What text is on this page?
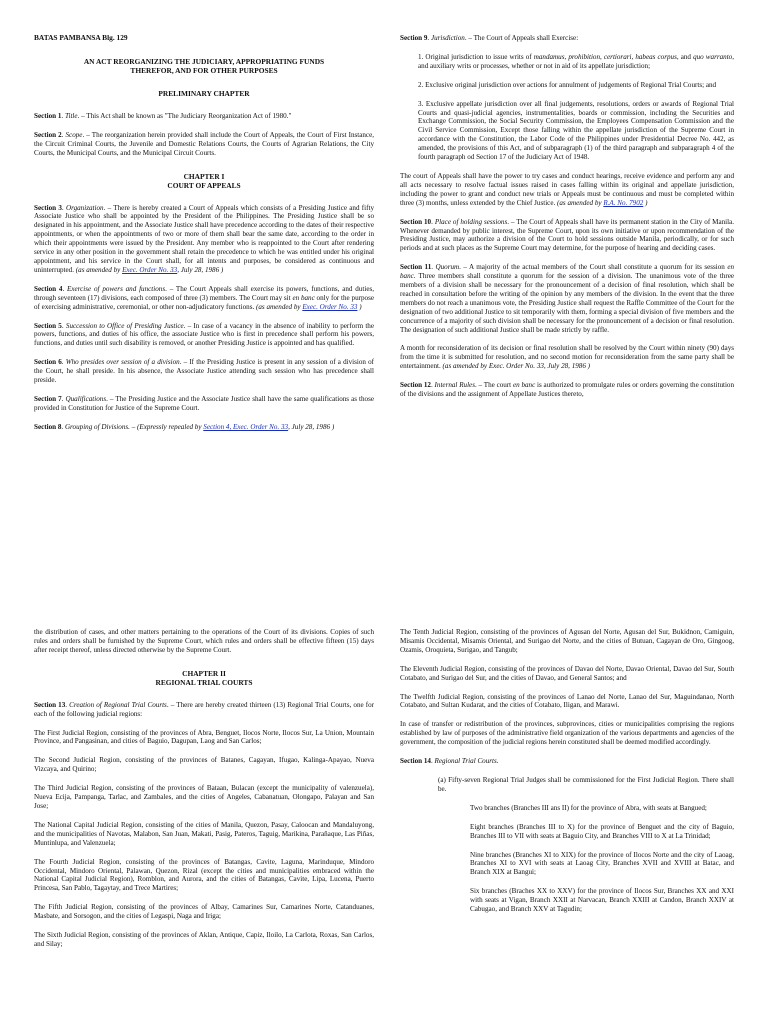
BATAS PAMBANSA Blg. 129

AN ACT REORGANIZING THE JUDICIARY, APPROPRIATING FUNDS
THEREFOR, AND FOR OTHER PURPOSES

PRELIMINARY CHAPTER

Section 1. Title. – This Act shall be known as "The Judiciary Reorganization Act of 1980."

Section 2. Scope. – The reorganization herein provided shall include the Court of Appeals, the Court of First Instance, the Circuit Criminal Courts, the Juvenile and Domestic Relations Courts, the Courts of Agrarian Relations, the City Courts, the Municipal Courts, and the Municipal Circuit Courts.

CHAPTER I
COURT OF APPEALS

Section 3. Organization. – There is hereby created a Court of Appeals which consists of a Presiding Justice and fifty Associate Justice who shall be appointed by the President of the Philippines. The Presiding Justice shall be so designated in his appointment, and the Associate Justice shall have precedence according to the dates of their respective appointments, or when the appointments of two or more of them shall bear the same date, according to the order in which their appointments were issued by the President. Any member who is reappointed to the Court after rendering service in any other position in the government shall retain the precedence to which he was entitled under his original appointment, and his service in the Court shall, for all intents and purposes, be considered as continuous and uninterrupted. (as amended by Exec. Order No. 33, July 28, 1986 )

Section 4. Exercise of powers and functions. – The Court Appeals shall exercise its powers, functions, and duties, through seventeen (17) divisions, each composed of three (3) members. The Court may sit en banc only for the purpose of exercising administrative, ceremonial, or other non-adjudicatory functions. (as amended by Exec. Order No. 33 )

Section 5. Succession to Office of Presiding Justice. – In case of a vacancy in the absence of inability to perform the powers, functions, and duties of his office, the associate Justice who is first in precedence shall perform his powers, functions, and duties until such disability is removed, or another Presiding Justice is appointed and has qualified.

Section 6. Who presides over session of a division. – If the Presiding Justice is present in any session of a division of the Court, he shall preside. In his absence, the Associate Justice attending such session who has precedence shall preside.

Section 7. Qualifications. – The Presiding Justice and the Associate Justice shall have the same qualifications as those provided in Constitution for Justice of the Supreme Court.

Section 8. Grouping of Divisions. – (Expressly repealed by Section 4, Exec. Order No. 33, July 28, 1986 )

Section 9. Jurisdiction. – The Court of Appeals shall Exercise:

1. Original jurisdiction to issue writs of mandamus, prohibition, certiorari, habeas corpus, and quo warranto, and auxiliary writs or processes, whether or not in aid of its appellate jurisdiction;

2. Exclusive original jurisdiction over actions for annulment of judgements of Regional Trial Courts; and

3. Exclusive appellate jurisdiction over all final judgements, resolutions, orders or awards of Regional Trial Courts and quasi-judicial agencies, instrumentalities, boards or commission, including the Securities and Exchange Commission, the Social Security Commission, the Employees Compensation Commission and the Civil Service Commission, Except those falling within the appellate jurisdiction of the Supreme Court in accordance with the Constitution, the Labor Code of the Philippines under Presidential Decree No. 442, as amended, the provisions of this Act, and of subparagraph (1) of the third paragraph and subparagraph 4 of the fourth paragraph od Section 17 of the Judiciary Act of 1948.

The court of Appeals shall have the power to try cases and conduct hearings, receive evidence and perform any and all acts necessary to resolve factual issues raised in cases falling within its original and appellate jurisdiction, including the power to grant and conduct new trials or Appeals must be continuous and must be completed within three (3) months, unless extended by the Chief Justice. (as amended by R.A. No. 7902 )

Section 10. Place of holding sessions. – The Court of Appeals shall have its permanent station in the City of Manila. Whenever demanded by public interest, the Supreme Court, upon its own initiative or upon recommendation of the Presiding Justice, may authorize a division of the Court to hold sessions outside Manila, periodically, or for such periods and at such places as the Supreme Court may determine, for the purpose of hearing and deciding cases.

Section 11. Quorum. – A majority of the actual members of the Court shall constitute a quorum for its session en banc. Three members shall constitute a quorum for the session of a division. The unanimous vote of the three members of a division shall be necessary for the pronouncement of a decision of final resolution, which shall be reached in consultation before the writing of the opinion by any members of the division. In the event that the three members do not reach a unanimous vote, the Presiding Justice shall request the Raffle Committee of the Court for the designation of two additional Justice to sit temporarily with them, forming a special division of five members and the concurrence of a majority of such division shall be necessary for the pronouncement of a decision or final resolution. The designation of such additional Justice shall be made strictly by raffle.

A month for reconsideration of its decision or final resolution shall be resolved by the Court within ninety (90) days from the time it is submitted for resolution, and no second motion for reconsideration from the same party shall be entertainment. (as amended by Exec. Order No. 33, July 28, 1986 )

Section 12. Internal Rules. – The court en banc is authorized to promulgate rules or orders governing the constitution of the divisions and the assignment of Appellate Justices thereto,

the distribution of cases, and other matters pertaining to the operations of the Court of its divisions. Copies of such rules and orders shall be furnished by the Supreme Court, which rules and orders shall be effective fifteen (15) days after receipt thereof, unless directed otherwise by the Supreme Court.

CHAPTER II
REGIONAL TRIAL COURTS

Section 13. Creation of Regional Trial Courts. – There are hereby created thirteen (13) Regional Trial Courts, one for each of the following judicial regions:

The First Judicial Region, consisting of the provinces of Abra, Benguet, Ilocos Norte, Ilocos Sur, La Union, Mountain Province, and Pangasinan, and cities of Baguio, Dagupan, Laog and San Carlos;

The Second Judicial Region, consisting of the provinces of Batanes, Cagayan, Ifugao, Kalinga-Apayao, Nueva Vizcaya, and Quirino;

The Third Judicial Region, consisting of the provinces of Bataan, Bulacan (except the municipality of valenzuela), Nueva Ecija, Pampanga, Tarlac, and Zambales, and the cities of Angeles, Cabanatuan, Olongapo, Palayan and San Jose;

The National Capital Judicial Region, consisting of the cities of Manila, Quezon, Pasay, Caloocan and Mandaluyong, and the municipalities of Navotas, Malabon, San Juan, Makati, Pasig, Pateros, Taguig, Marikina, Parañaque, Las Piñas, Muntinlupa, and Valenzuela;

The Fourth Judicial Region, consisting of the provinces of Batangas, Cavite, Laguna, Marinduque, Mindoro Occidental, Mindoro Oriental, Palawan, Quezon, Rizal (except the cities and municipalities embraced within the National Capital Judicial Region), Romblon, and Aurora, and the cities of Batangas, Cavite, Lipa, Lucena, Puerto Princesa, San Pablo, Tagaytay, and Trece Martires;

The Fifth Judicial Region, consisting of the provinces of Albay, Camarines Sur, Camarines Norte, Catanduanes, Masbate, and Sorsogon, and the cities of Legaspi, Naga and Iriga;

The Sixth Judicial Region, consisting of the provinces of Aklan, Antique, Capiz, Iloilo, La Carlota, Roxas, San Carlos, and Silay;

The Tenth Judicial Region, consisting of the provinces of Agusan del Norte, Agusan del Sur, Bukidnon, Camiguin, Misamis Occidental, Misamis Oriental, and Surigao del Norte, and the cities of Butuan, Cagayan de Oro, Gingoog, Ozamis, Oroquieta, Surigao, and Tangub;

The Eleventh Judicial Region, consisting of the provinces of Davao del Norte, Davao Oriental, Davao del Sur, South Cotabato, and Surigao del Sur, and the cities of Davao, and General Santos; and

The Twelfth Judicial Region, consisting of the provinces of Lanao del Norte, Lanao del Sur, Maguindanao, North Cotabato, and Sultan Kudarat, and the cities of Cotabato, Iligan, and Marawi.

In case of transfer or redistribution of the provinces, subprovinces, cities or municipalities comprising the regions established by law of purposes of the administrative field organization of the various departments and agencies of the government, the composition of the judicial regions herein constituted shall be deemed modified accordingly.

Section 14. Regional Trial Courts.

(a) Fifty-seven Regional Trial Judges shall be commissioned for the First Judicial Region. There shall be.

Two branches (Branches III ans II) for the province of Abra, with seats at Bangued;

Eight branches (Branches III to X) for the province of Benguet and the city of Baguio, Branches III to VII with seats at Baguio City, and Branches VIII to X at La Trinidad;

Nine branches (Branches XI to XIX) for the province of Ilocos Norte and the city of Laoag, Branches XI to XVI with seats at Laoag City, Branches XVII and XVIII at Batac, and Branch XIX at Bangui;

Six branches (Braches XX to XXV) for the province of Ilocos Sur, Branches XX and XXI with seats at Vigan, Branch XXII at Narvacan, Branch XXIII at Candon, Branch XXIV at Cabugao, and Branch XXV at Tagudin;
